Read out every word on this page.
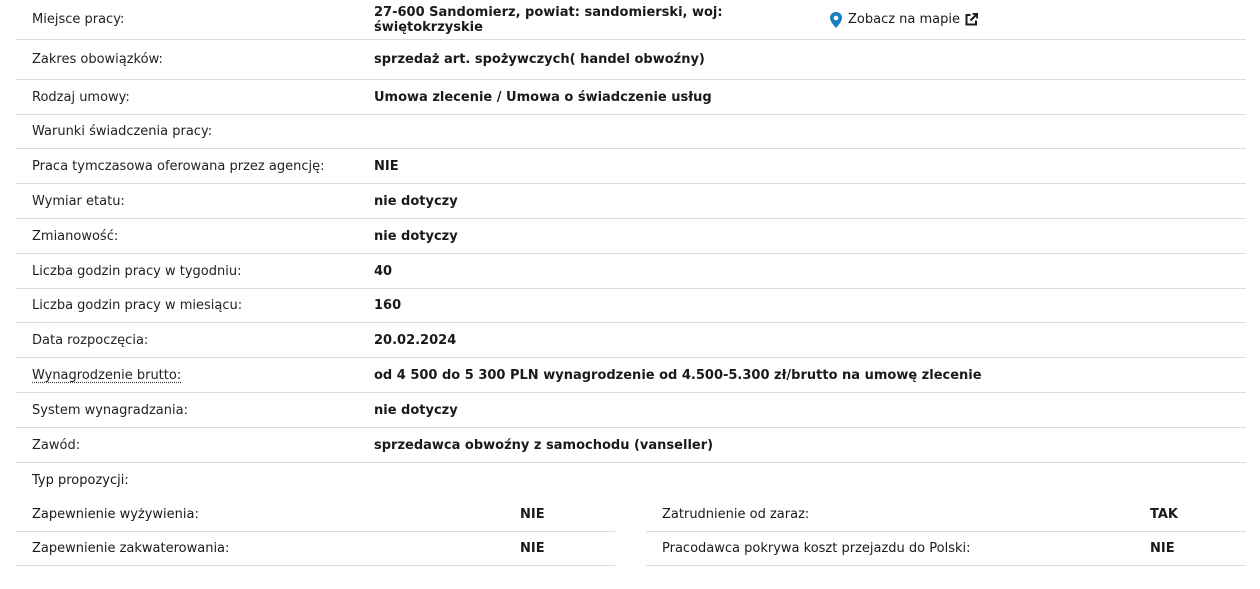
Miejsce pracy:	27-600 Sandomierz, powiat: sandomierski, woj: świętokrzyskie	Zobacz na mapie
Zakres obowiązków:	sprzedaż art. spożywczych( handel obwoźny)
Rodzaj umowy:	Umowa zlecenie / Umowa o świadczenie usług
Warunki świadczenia pracy:
Praca tymczasowa oferowana przez agencję:	NIE
Wymiar etatu:	nie dotyczy
Zmianowość:	nie dotyczy
Liczba godzin pracy w tygodniu:	40
Liczba godzin pracy w miesiącu:	160
Data rozpoczęcia:	20.02.2024
Wynagrodzenie brutto:	od 4 500 do 5 300 PLN wynagrodzenie od 4.500-5.300 zł/brutto na umowę zlecenie
System wynagradzania:	nie dotyczy
Zawód:	sprzedawca obwoźny z samochodu (vanseller)
Typ propozycji:
Zapewnienie wyżywienia:	NIE	Zatrudnienie od zaraz:	TAK
Zapewnienie zakwaterowania:	NIE	Pracodawca pokrywa koszt przejazdu do Polski:	NIE
